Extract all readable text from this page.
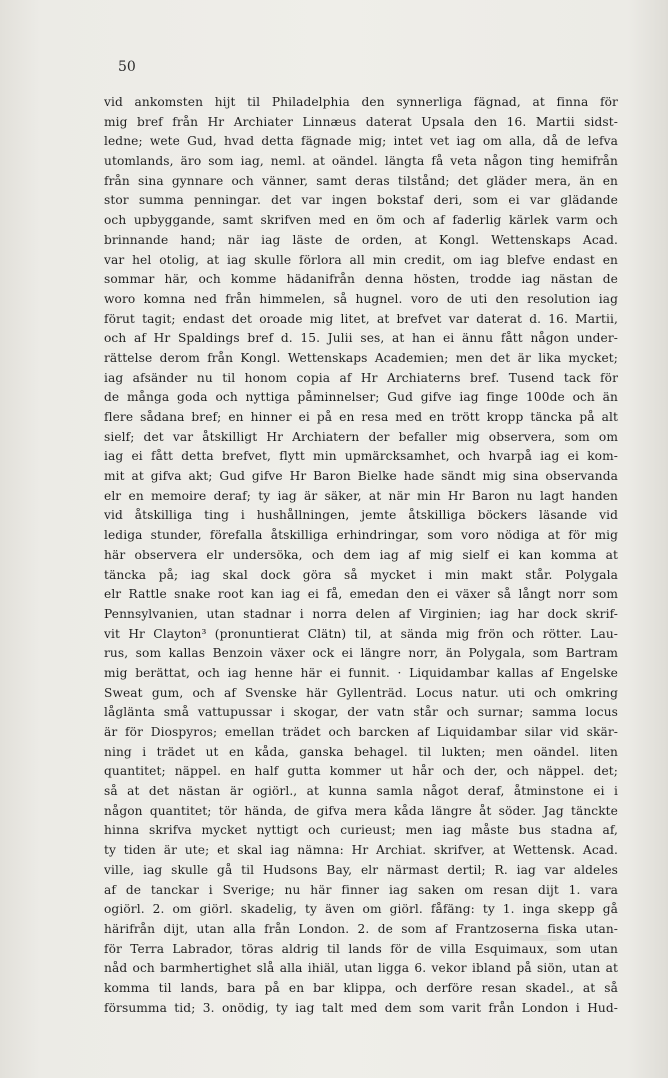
50
vid ankomsten hijt til Philadelphia den synnerliga fägnad, at finna för
mig bref från Hr Archiater Linnæus daterat Upsala den 16. Martii sidst-
ledne; wete Gud, hvad detta fägnade mig; intet vet iag om alla, då de lefva
utomlands, äro som iag, neml. at oändel. längta få veta någon ting hemifrån
från sina gynnare och vänner, samt deras tilstånd; det gläder mera, än en
stor summa penningar. det var ingen bokstaf deri, som ei var glädande
och upbyggande, samt skrifven med en öm och af faderlig kärlek varm och
brinnande hand; när iag läste de orden, at Kongl. Wettenskaps Acad.
var hel otolig, at iag skulle förlora all min credit, om iag blefve endast en
sommar här, och komme hädanifrån denna hösten, trodde iag nästan de
woro komna ned från himmelen, så hugnel. voro de uti den resolution iag
förut tagit; endast det oroade mig litet, at brefvet var daterat d. 16. Martii,
och af Hr Spaldings bref d. 15. Julii ses, at han ei ännu fått någon under-
rättelse derom från Kongl. Wettenskaps Academien; men det är lika mycket;
iag afsänder nu til honom copia af Hr Archiaterns bref. Tusend tack för
de många goda och nyttiga påminnelser; Gud gifve iag finge 100de och än
flere sådana bref; en hinner ei på en resa med en trött kropp täncka på alt
sielf; det var åtskilligt Hr Archiatern der befaller mig observera, som om
iag ei fått detta brefvet, flytt min upmärcksamhet, och hvarpå iag ei kom-
mit at gifva akt; Gud gifve Hr Baron Bielke hade sändt mig sina observanda
elr en memoire deraf; ty iag är säker, at när min Hr Baron nu lagt handen
vid åtskilliga ting i hushållningen, jemte åtskilliga böckers läsande vid
lediga stunder, förefalla åtskilliga erhindringar, som voro nödiga at för mig
här observera elr undersöka, och dem iag af mig sielf ei kan komma at
täncka på; iag skal dock göra så mycket i min makt står. Polygala
elr Rattle snake root kan iag ei få, emedan den ei växer så långt norr som
Pennsylvanien, utan stadnar i norra delen af Virginien; iag har dock skrif-
vit Hr Clayton³ (pronuntierat Clätn) til, at sända mig frön och rötter. Lau-
rus, som kallas Benzoin växer ock ei längre norr, än Polygala, som Bartram
mig berättat, och iag henne här ei funnit. · Liquidambar kallas af Engelske
Sweat gum, och af Svenske här Gyllenträd. Locus natur. uti och omkring
låglänta små vattupussar i skogar, der vatn står och surnar; samma locus
är för Diospyros; emellan trädet och barcken af Liquidambar silar vid skär-
ning i trädet ut en kåda, ganska behagel. til lukten; men oändel. liten
quantitet; näppel. en half gutta kommer ut hår och der, och näppel. det;
så at det nästan är ogiörl., at kunna samla något deraf, åtminstone ei i
någon quantitet; tör hända, de gifva mera kåda längre åt söder. Jag tänckte
hinna skrifva mycket nyttigt och curieust; men iag måste bus stadna af,
ty tiden är ute; et skal iag nämna: Hr Archiat. skrifver, at Wettensk. Acad.
ville, iag skulle gå til Hudsons Bay, elr närmast dertil; R. iag var aldeles
af de tanckar i Sverige; nu här finner iag saken om resan dijt 1. vara
ogiörl. 2. om giörl. skadelig, ty även om giörl. fåfäng: ty 1. inga skepp gå
härifrån dijt, utan alla från London. 2. de som af Frantzoserna fiska utan-
för Terra Labrador, töras aldrig til lands för de villa Esquimaux, som utan
nåd och barmhertighet slå alla ihiäl, utan ligga 6. vekor ibland på siön, utan at
komma til lands, bara på en bar klippa, och derföre resan skadel., at så
försumma tid; 3. onödig, ty iag talt med dem som varit från London i Hud-
